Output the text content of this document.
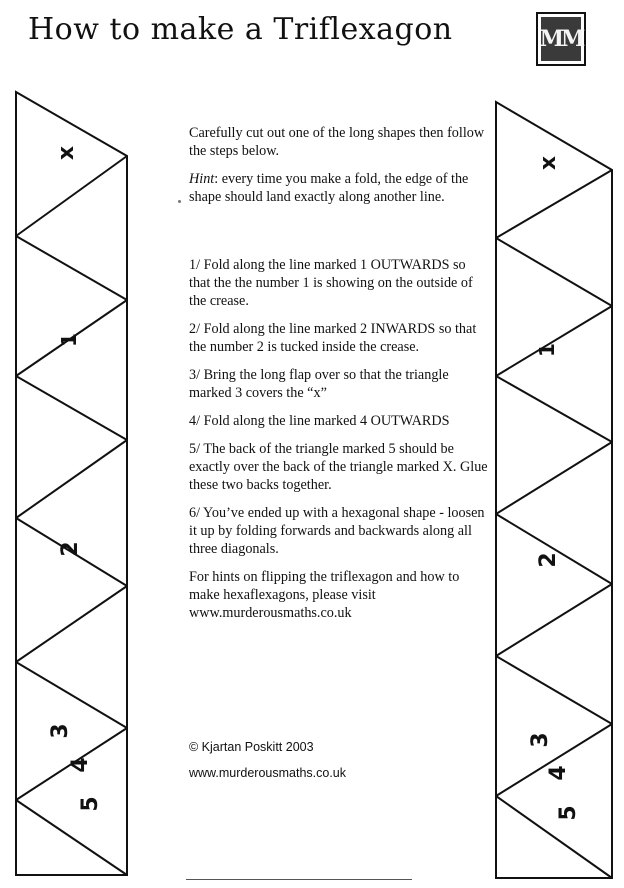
How to make a Triflexagon	MM
x
1
2
3
4
5
x
1
2
3
4
5

Carefully cut out one of the long shapes then follow the steps below.

Hint: every time you make a fold, the edge of the shape should land exactly along another line.

1/ Fold along the line marked 1 OUTWARDS so that the the number 1 is showing on the outside of the crease.

2/ Fold along the line marked 2 INWARDS so that the number 2 is tucked inside the crease.

3/ Bring the long flap over so that the triangle marked 3 covers the “x”

4/ Fold along the line marked 4 OUTWARDS

5/ The back of the triangle marked 5 should be exactly over the back of the triangle marked X. Glue these two backs together.

6/ You’ve ended up with a hexagonal shape - loosen it up by folding forwards and backwards along all three diagonals.

For hints on flipping the triflexagon and how to make hexaflexagons, please visit www.murderousmaths.co.uk

© Kjartan Poskitt 2003
www.murderousmaths.co.uk
